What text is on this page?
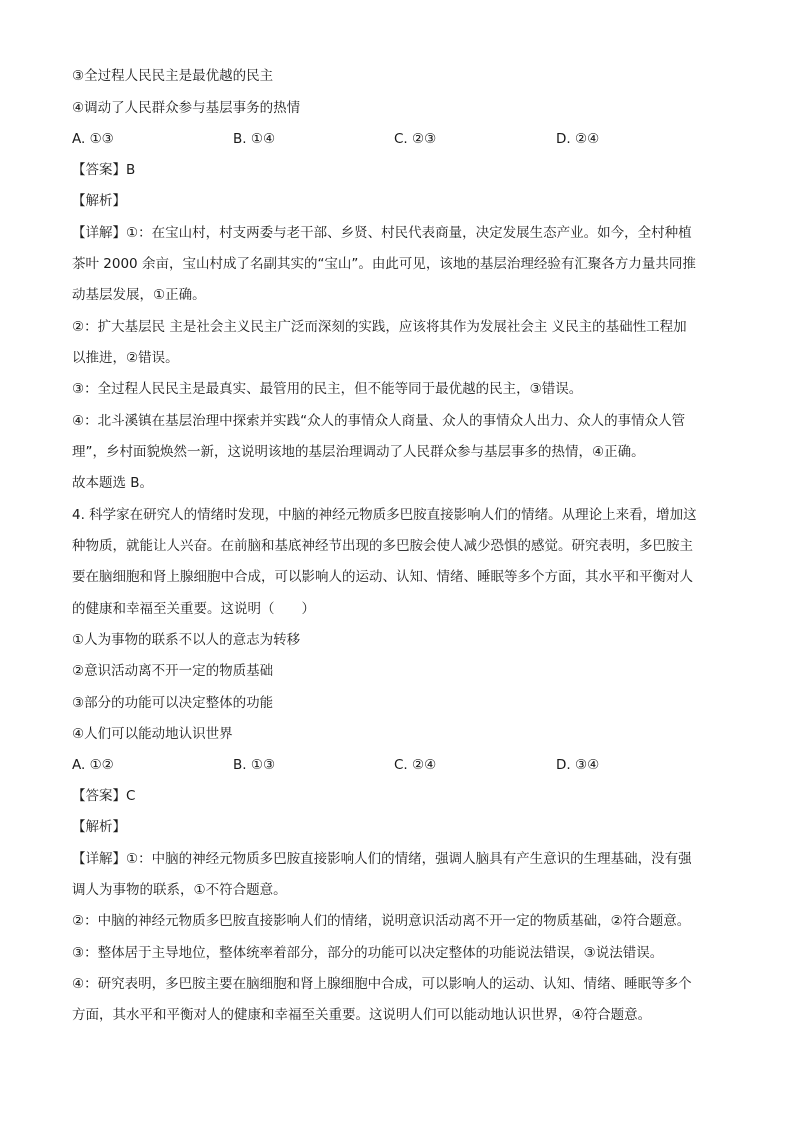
③全过程人民民主是最优越的民主
④调动了人民群众参与基层事务的热情
A. ①③	B. ①④	C. ②③	D. ②④
【答案】B
【解析】
【详解】①：在宝山村，村支两委与老干部、乡贤、村民代表商量，决定发展生态产业。如今，全村种植
茶叶 2000 余亩，宝山村成了名副其实的“宝山”。由此可见，该地的基层治理经验有汇聚各方力量共同推
动基层发展，①正确。
②：扩大基层民 主是社会主义民主广泛而深刻的实践，应该将其作为发展社会主 义民主的基础性工程加
以推进，②错误。
③：全过程人民民主是最真实、最管用的民主，但不能等同于最优越的民主，③错误。
④：北斗溪镇在基层治理中探索并实践“众人的事情众人商量、众人的事情众人出力、众人的事情众人管
理”，乡村面貌焕然一新，这说明该地的基层治理调动了人民群众参与基层事多的热情，④正确。
故本题选 B。
4. 科学家在研究人的情绪时发现，中脑的神经元物质多巴胺直接影响人们的情绪。从理论上来看，增加这
种物质，就能让人兴奋。在前脑和基底神经节出现的多巴胺会使人减少恐惧的感觉。研究表明，多巴胺主
要在脑细胞和肾上腺细胞中合成，可以影响人的运动、认知、情绪、睡眠等多个方面，其水平和平衡对人
的健康和幸福至关重要。这说明（　　）
①人为事物的联系不以人的意志为转移
②意识活动离不开一定的物质基础
③部分的功能可以决定整体的功能
④人们可以能动地认识世界
A. ①②	B. ①③	C. ②④	D. ③④
【答案】C
【解析】
【详解】①：中脑的神经元物质多巴胺直接影响人们的情绪，强调人脑具有产生意识的生理基础，没有强
调人为事物的联系，①不符合题意。
②：中脑的神经元物质多巴胺直接影响人们的情绪，说明意识活动离不开一定的物质基础，②符合题意。
③：整体居于主导地位，整体统率着部分，部分的功能可以决定整体的功能说法错误，③说法错误。
④：研究表明，多巴胺主要在脑细胞和肾上腺细胞中合成，可以影响人的运动、认知、情绪、睡眠等多个
方面，其水平和平衡对人的健康和幸福至关重要。这说明人们可以能动地认识世界，④符合题意。
